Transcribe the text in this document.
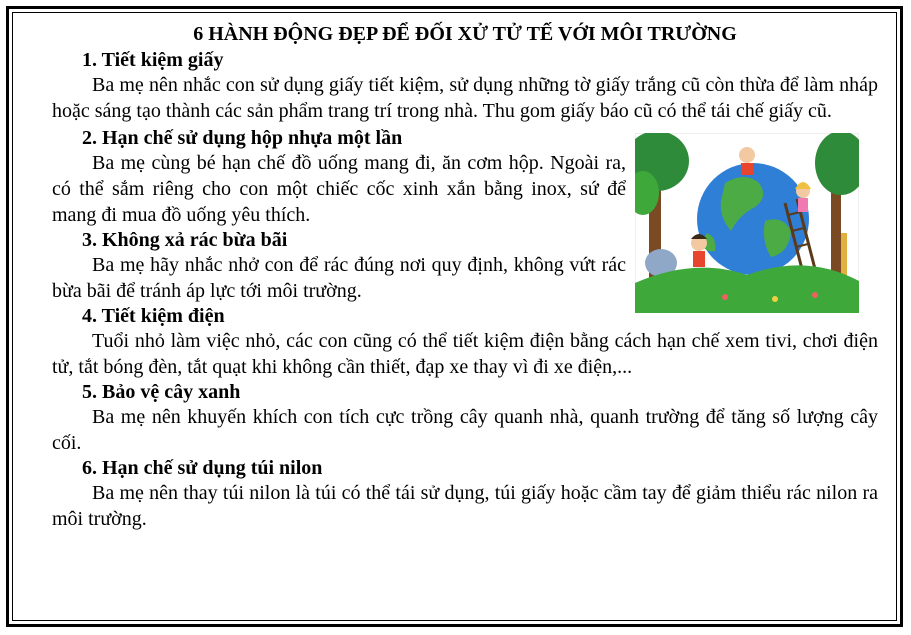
6 HÀNH ĐỘNG ĐẸP ĐỂ ĐỐI XỬ TỬ TẾ VỚI MÔI TRƯỜNG
1. Tiết kiệm giấy

Ba mẹ nên nhắc con sử dụng giấy tiết kiệm, sử dụng những tờ giấy trắng cũ còn thừa để làm nháp hoặc sáng tạo thành các sản phẩm trang trí trong nhà. Thu gom giấy báo cũ có thể tái chế giấy cũ.

2. Hạn chế sử dụng hộp nhựa một lần

Ba mẹ cùng bé hạn chế đồ uống mang đi, ăn cơm hộp. Ngoài ra, có thể sắm riêng cho con một chiếc cốc xinh xắn bằng inox, sứ để mang đi mua đồ uống yêu thích.

3. Không xả rác bừa bãi

Ba mẹ hãy nhắc nhở con để rác đúng nơi quy định, không vứt rác bừa bãi để tránh áp lực tới môi trường.

4. Tiết kiệm điện

Tuổi nhỏ làm việc nhỏ, các con cũng có thể tiết kiệm điện bằng cách hạn chế xem tivi, chơi điện tử, tắt bóng đèn, tắt quạt khi không cần thiết, đạp xe thay vì đi xe điện,...

5. Bảo vệ cây xanh

Ba mẹ nên khuyến khích con tích cực trồng cây quanh nhà, quanh trường để tăng số lượng cây cối.

6. Hạn chế sử dụng túi nilon

Ba mẹ nên thay túi nilon là túi có thể tái sử dụng, túi giấy hoặc cầm tay để giảm thiểu rác nilon ra môi trường.
